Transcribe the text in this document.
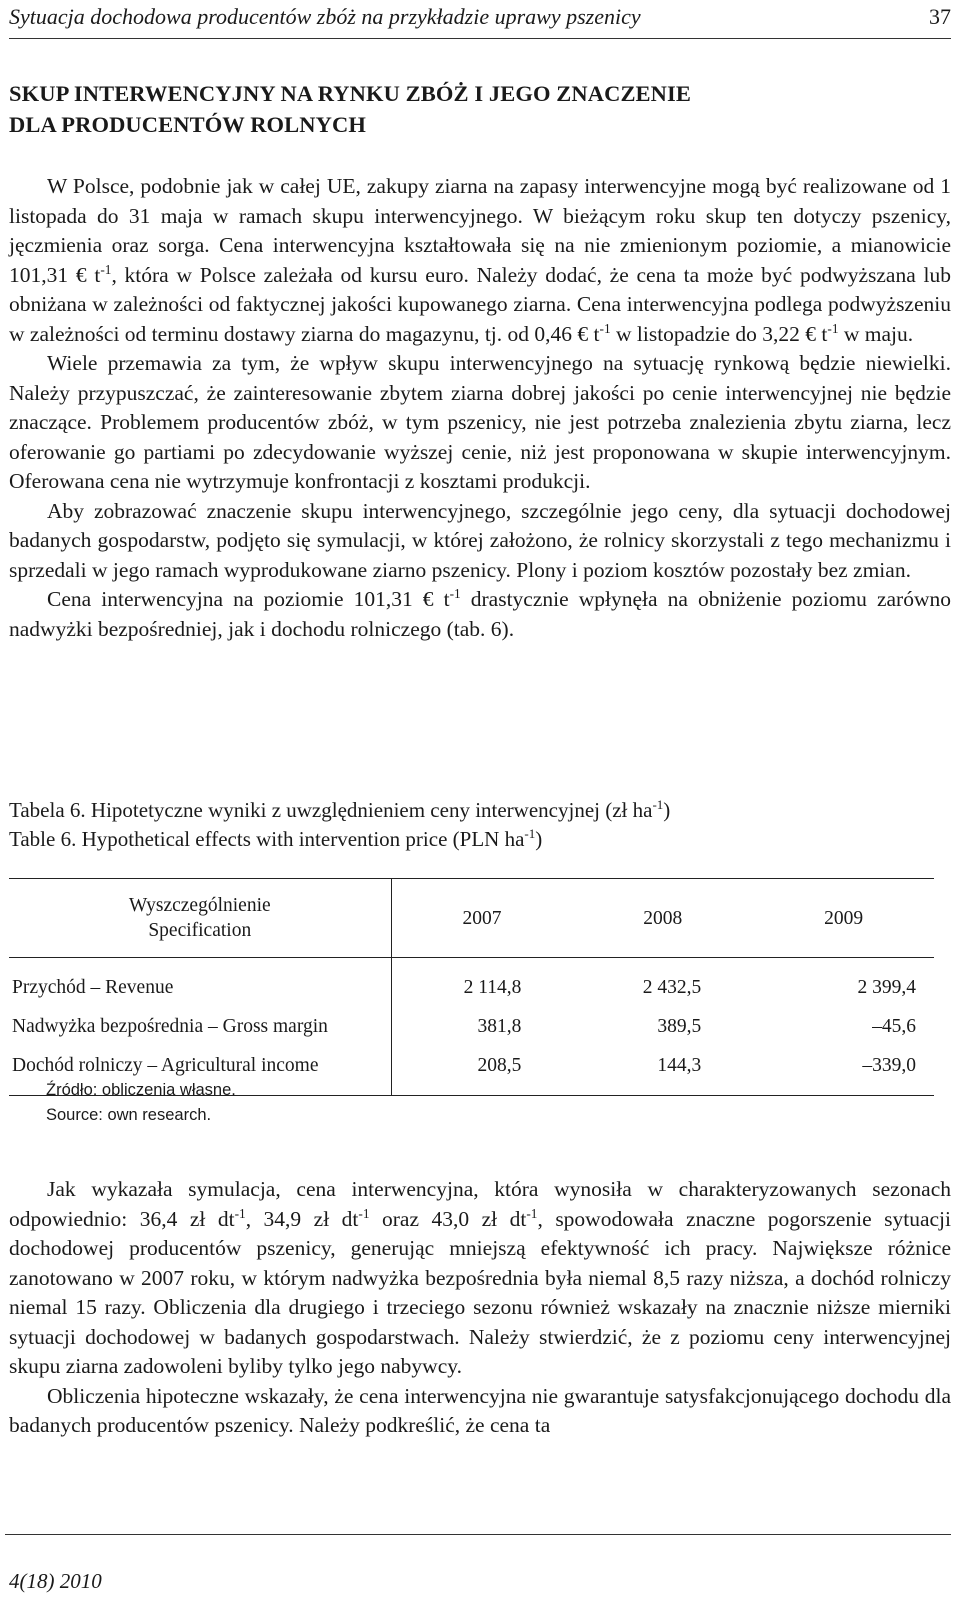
Sytuacja dochodowa producentów zbóż na przykładzie uprawy pszenicy	37
SKUP INTERWENCYJNY NA RYNKU ZBÓŻ I JEGO ZNACZENIE
DLA PRODUCENTÓW ROLNYCH

W Polsce, podobnie jak w całej UE, zakupy ziarna na zapasy interwencyjne mogą być realizowane od 1 listopada do 31 maja w ramach skupu interwencyjnego. W bieżącym roku skup ten dotyczy pszenicy, jęczmienia oraz sorga. Cena interwencyjna kształtowała się na nie zmienionym poziomie, a mianowicie 101,31 € $t^{-1}$, która w Polsce zależała od kursu euro. Należy dodać, że cena ta może być podwyższana lub obniżana w zależności od faktycznej jakości kupowanego ziarna. Cena interwencyjna podlega podwyższeniu w zależności od terminu dostawy ziarna do magazynu, tj. od 0,46 € $t^{-1}$ w listopadzie do 3,22 € $t^{-1}$ w maju.

Wiele przemawia za tym, że wpływ skupu interwencyjnego na sytuację rynkową będzie niewielki. Należy przypuszczać, że zainteresowanie zbytem ziarna dobrej jakości po cenie interwencyjnej nie będzie znaczące. Problemem producentów zbóż, w tym pszenicy, nie jest potrzeba znalezienia zbytu ziarna, lecz oferowanie go partiami po zdecydowanie wyższej cenie, niż jest proponowana w skupie interwencyjnym. Oferowana cena nie wytrzymuje konfrontacji z kosztami produkcji.

Aby zobrazować znaczenie skupu interwencyjnego, szczególnie jego ceny, dla sytuacji dochodowej badanych gospodarstw, podjęto się symulacji, w której założono, że rolnicy skorzystali z tego mechanizmu i sprzedali w jego ramach wyprodukowane ziarno pszenicy. Plony i poziom kosztów pozostały bez zmian.

Cena interwencyjna na poziomie 101,31 € $t^{-1}$ drastycznie wpłynęła na obniżenie poziomu zarówno nadwyżki bezpośredniej, jak i dochodu rolniczego (tab. 6).

Tabela 6. Hipotetyczne wyniki z uwzględnieniem ceny interwencyjnej (zł $ha^{-1}$)
Table 6. Hypothetical effects with intervention price (PLN $ha^{-1}$)
Wyszczególnienie
Specification	2007	2008	2009
Przychód – Revenue	2 114,8	2 432,5	2 399,4
Nadwyżka bezpośrednia – Gross margin	381,8	389,5	–45,6
Dochód rolniczy – Agricultural income	208,5	144,3	–339,0
Źródło: obliczenia własne.
Source: own research.

Jak wykazała symulacja, cena interwencyjna, która wynosiła w charakteryzowanych sezonach odpowiednio: 36,4 zł $dt^{-1}$, 34,9 zł $dt^{-1}$ oraz 43,0 zł $dt^{-1}$, spowodowała znaczne pogorszenie sytuacji dochodowej producentów pszenicy, generując mniejszą efektywność ich pracy. Największe różnice zanotowano w 2007 roku, w którym nadwyżka bezpośrednia była niemal 8,5 razy niższa, a dochód rolniczy niemal 15 razy. Obliczenia dla drugiego i trzeciego sezonu również wskazały na znacznie niższe mierniki sytuacji dochodowej w badanych gospodarstwach. Należy stwierdzić, że z poziomu ceny interwencyjnej skupu ziarna zadowoleni byliby tylko jego nabywcy.

Obliczenia hipoteczne wskazały, że cena interwencyjna nie gwarantuje satysfakcjonującego dochodu dla badanych producentów pszenicy. Należy podkreślić, że cena ta

4(18) 2010
